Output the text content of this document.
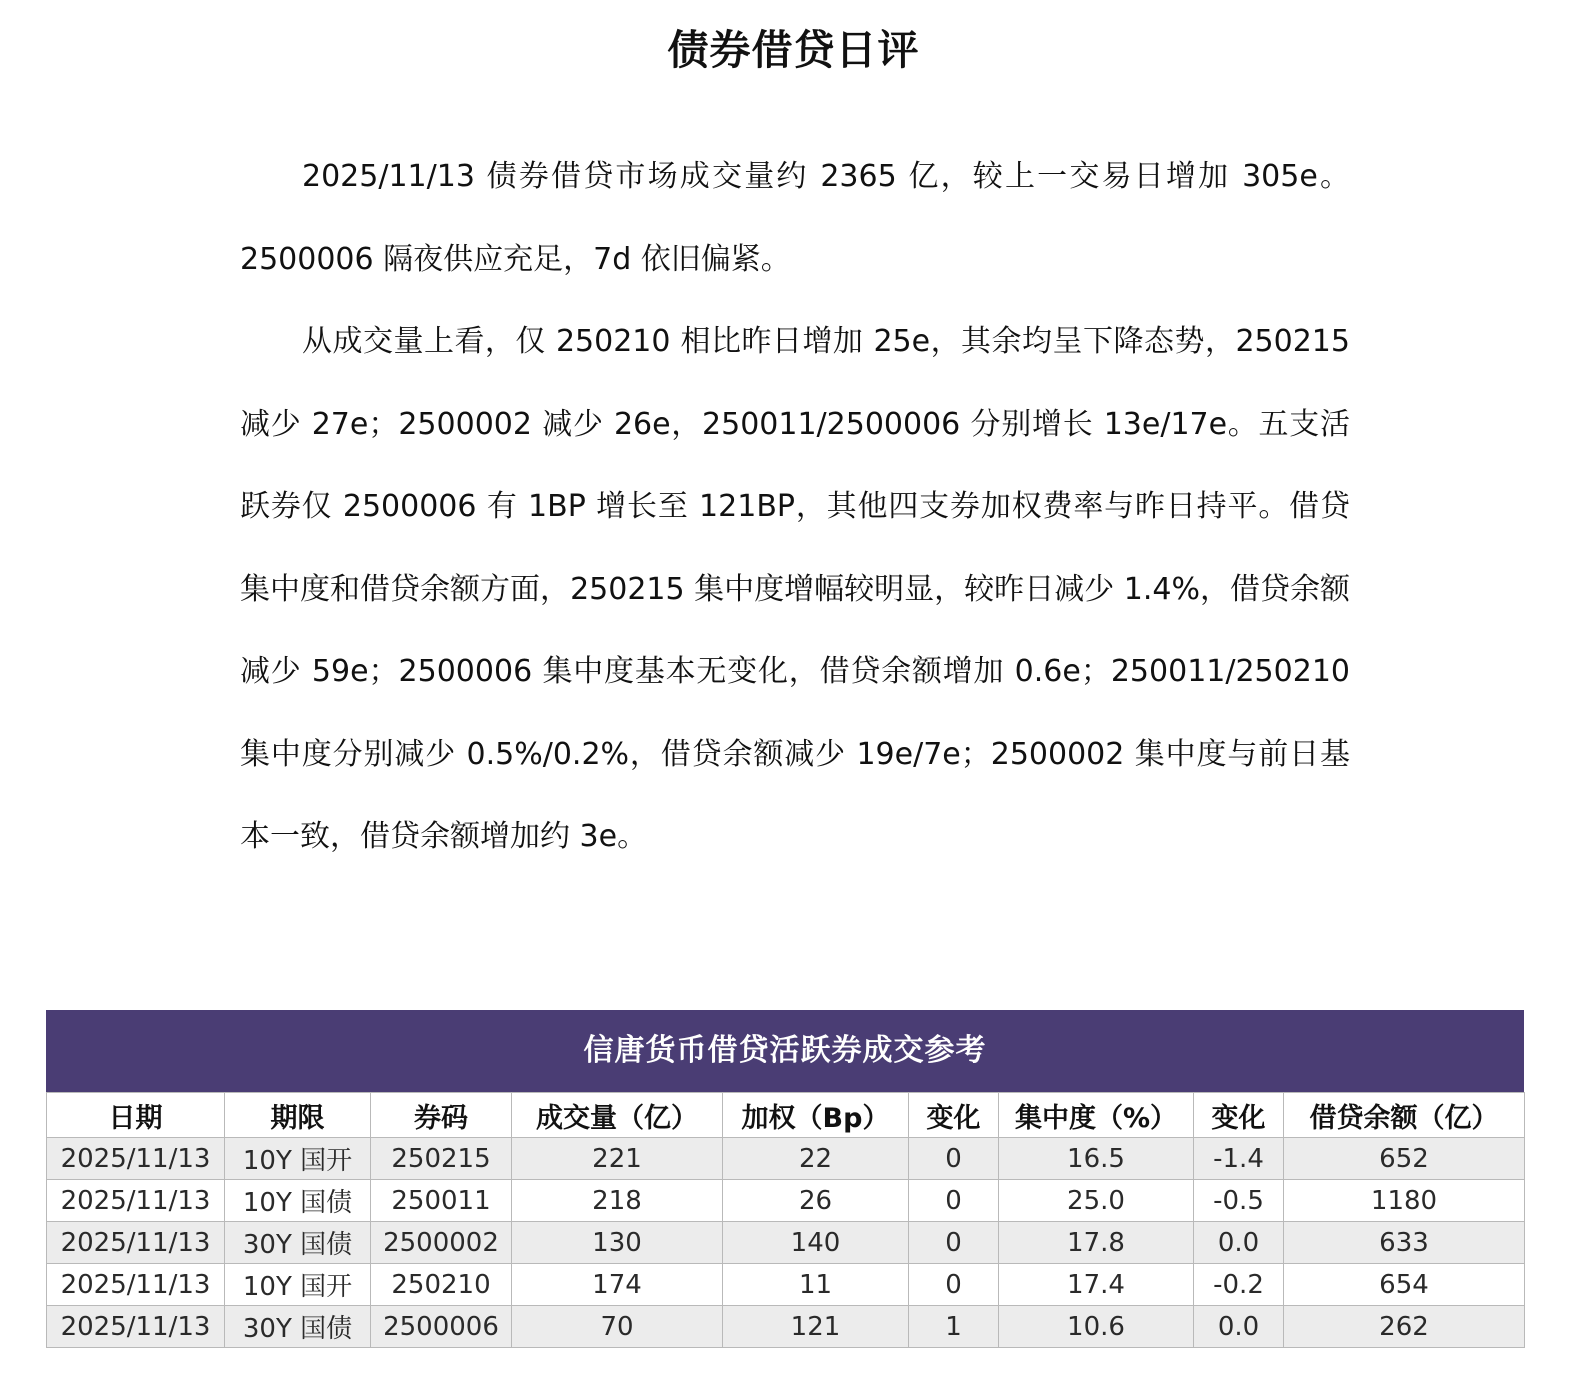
债券借贷日评

2025/11/13 债券借贷市场成交量约 2365 亿，较上一交易日增加 305e。2500006 隔夜供应充足，7d 依旧偏紧。

从成交量上看，仅 250210 相比昨日增加 25e，其余均呈下降态势，250215 减少 27e；2500002 减少 26e，250011/2500006 分别增长 13e/17e。五支活跃券仅 2500006 有 1BP 增长至 121BP，其他四支券加权费率与昨日持平。借贷集中度和借贷余额方面，250215 集中度增幅较明显，较昨日减少 1.4%，借贷余额减少 59e；2500006 集中度基本无变化，借贷余额增加 0.6e；250011/250210 集中度分别减少 0.5%/0.2%，借贷余额减少 19e/7e；2500002 集中度与前日基本一致，借贷余额增加约 3e。

信唐货币借贷活跃券成交参考
日期	期限	券码	成交量（亿）	加权（Bp）	变化	集中度（%）	变化	借贷余额（亿）
2025/11/13	10Y 国开	250215	221	22	0	16.5	-1.4	652
2025/11/13	10Y 国债	250011	218	26	0	25.0	-0.5	1180
2025/11/13	30Y 国债	2500002	130	140	0	17.8	0.0	633
2025/11/13	10Y 国开	250210	174	11	0	17.4	-0.2	654
2025/11/13	30Y 国债	2500006	70	121	1	10.6	0.0	262
